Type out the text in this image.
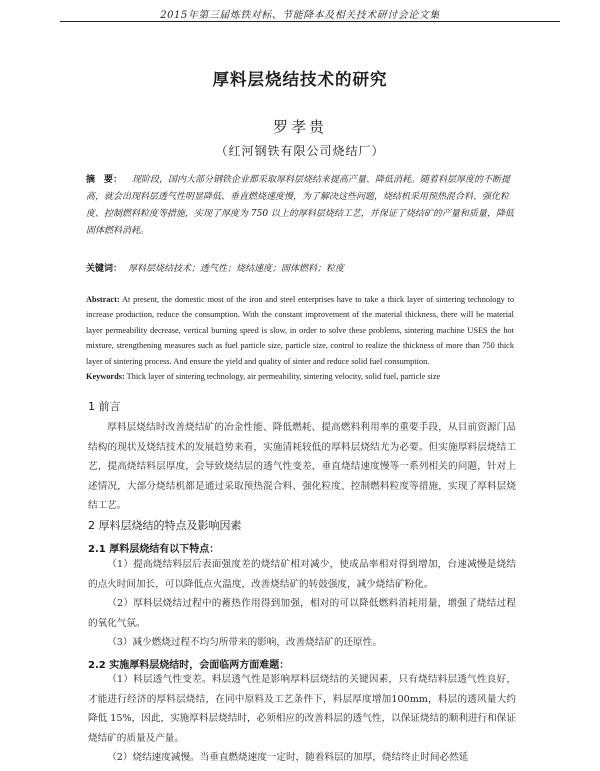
2015年第三届炼铁对标、节能降本及相关技术研讨会论文集
厚料层烧结技术的研究
罗孝贵
（红河钢铁有限公司烧结厂）
摘　要： 现阶段，国内大部分钢铁企业都采取厚料层烧结来提高产量、降低消耗。随着料层厚度的不断提高，就会出现料层透气性明显降低、垂直燃烧速度慢，为了解决这些问题，烧结机采用预热混合料、强化粒度、控制燃料粒度等措施，实现了厚度为 750 以上的厚料层烧结工艺，并保证了烧结矿的产量和质量，降低固体燃料消耗。
关键词： 厚料层烧结技术；透气性；烧结速度；固体燃料；粒度
Abstract: At present, the domestic most of the iron and steel enterprises have to take a thick layer of sintering technology to increase production, reduce the consumption. With the constant improvement of the material thickness, there will be material layer permeability decrease, vertical burning speed is slow, in order to solve these problems, sintering machine USES the hot mixture, strengthening measures such as fuel particle size, particle size, control to realize the thickness of more than 750 thick layer of sintering process. And ensure the yield and quality of sinter and reduce solid fuel consumption.
Keywords: Thick layer of sintering technology, air permeability, sintering velocity, solid fuel, particle size
1 前言
厚料层烧结时改善烧结矿的冶金性能、降低燃耗、提高燃料利用率的重要手段，从目前资源门品结构的现状及烧结技术的发展趋势来看，实施清耗较低的厚料层烧结尤为必要。但实施厚料层烧结工艺，提高烧结料层厚度，会导致烧结层的透气性变差，垂直烧结速度慢等一系列相关的问题，针对上述情况，大部分烧结机都是通过采取预热混合料、强化粒度、控制燃料粒度等措施，实现了厚料层烧结工艺。
2 厚料层烧结的特点及影响因素
2.1 厚料层烧结有以下特点：
（1）提高烧结料层后表面强度差的烧结矿相对减少，使成品率相对得到增加，台速减慢是烧结的点火时间加长，可以降低点火温度，改善烧结矿的转鼓强度，减少烧结矿粉化。
（2）厚料层烧结过程中的蓄热作用得到加强，相对的可以降低燃料消耗用量，增强了烧结过程的氧化气氛。
（3）减少燃烧过程不均匀所带来的影响，改善烧结矿的还原性。
2.2 实施厚料层烧结时，会面临两方面难题：
（1）料层透气性变差。料层透气性是影响厚料层烧结的关键因素，只有烧结料层透气性良好，才能进行经济的厚料层烧结，在同中原料及工艺条件下，料层厚度增加100mm，料层的透风量大约降低 15%，因此，实施厚料层烧结时，必须相应的改善料层的透气性，以保证烧结的顺利进行和保证烧结矿的质量及产量。
（2）烧结速度减慢。当垂直燃烧速度一定时，随着料层的加厚，烧结终止时间必然延
